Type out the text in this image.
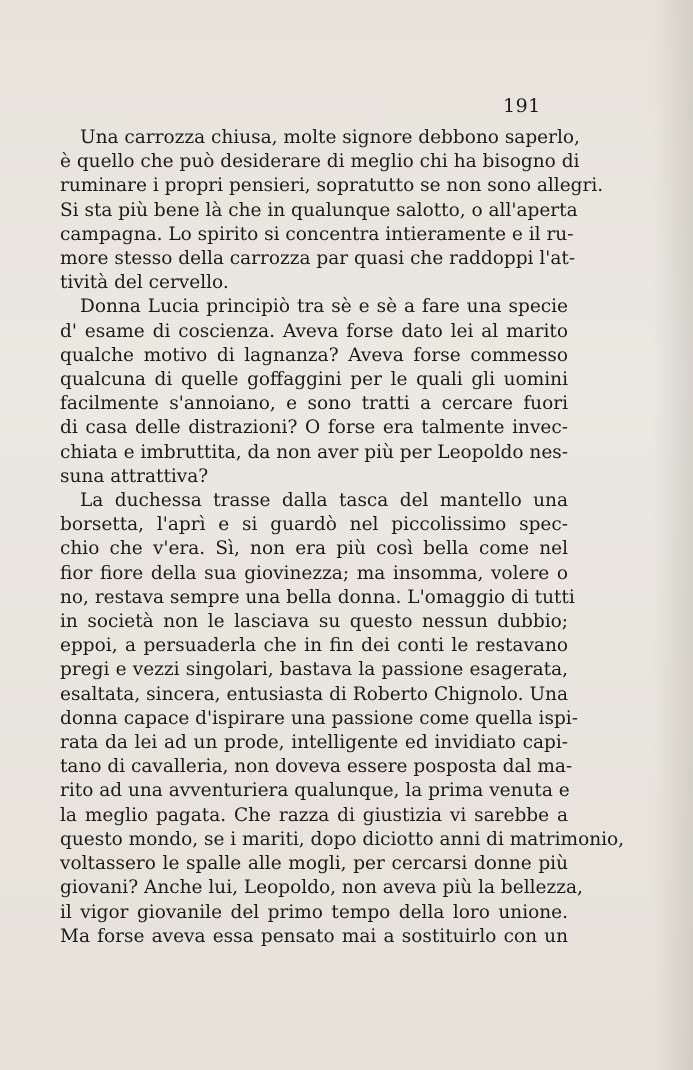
191
Una carrozza chiusa, molte signore debbono saperlo,
è quello che può desiderare di meglio chi ha bisogno di
ruminare i propri pensieri, sopratutto se non sono allegri.
Si sta più bene là che in qualunque salotto, o all'aperta
campagna. Lo spirito si concentra intieramente e il ru-
more stesso della carrozza par quasi che raddoppi l'at-
tività del cervello.
Donna Lucia principiò tra sè e sè a fare una specie
d' esame di coscienza. Aveva forse dato lei al marito
qualche motivo di lagnanza? Aveva forse commesso
qualcuna di quelle goffaggini per le quali gli uomini
facilmente s'annoiano, e sono tratti a cercare fuori
di casa delle distrazioni? O forse era talmente invec-
chiata e imbruttita, da non aver più per Leopoldo nes-
suna attrattiva?
La duchessa trasse dalla tasca del mantello una
borsetta, l'aprì e si guardò nel piccolissimo spec-
chio che v'era. Sì, non era più così bella come nel
fior fiore della sua giovinezza; ma insomma, volere o
no, restava sempre una bella donna. L'omaggio di tutti
in società non le lasciava su questo nessun dubbio;
eppoi, a persuaderla che in fin dei conti le restavano
pregi e vezzi singolari, bastava la passione esagerata,
esaltata, sincera, entusiasta di Roberto Chignolo. Una
donna capace d'ispirare una passione come quella ispi-
rata da lei ad un prode, intelligente ed invidiato capi-
tano di cavalleria, non doveva essere posposta dal ma-
rito ad una avventuriera qualunque, la prima venuta e
la meglio pagata. Che razza di giustizia vi sarebbe a
questo mondo, se i mariti, dopo diciotto anni di matrimonio,
voltassero le spalle alle mogli, per cercarsi donne più
giovani? Anche lui, Leopoldo, non aveva più la bellezza,
il vigor giovanile del primo tempo della loro unione.
Ma forse aveva essa pensato mai a sostituirlo con un
